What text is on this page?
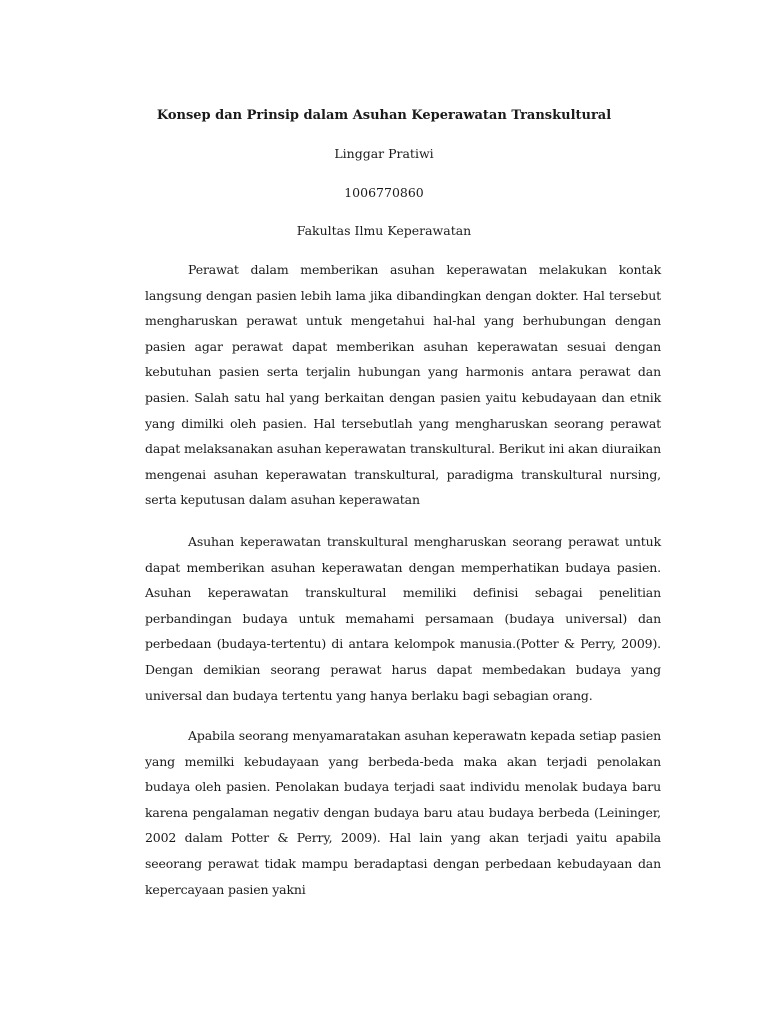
Konsep dan Prinsip dalam Asuhan Keperawatan Transkultural

Linggar Pratiwi

1006770860

Fakultas Ilmu Keperawatan

Perawat dalam memberikan asuhan keperawatan melakukan kontak langsung dengan pasien lebih lama jika dibandingkan dengan dokter. Hal tersebut mengharuskan perawat untuk mengetahui hal-hal yang berhubungan dengan pasien agar perawat dapat memberikan asuhan keperawatan sesuai dengan kebutuhan pasien serta terjalin hubungan yang harmonis antara perawat dan pasien. Salah satu hal yang berkaitan dengan pasien yaitu kebudayaan dan etnik yang dimilki oleh pasien. Hal tersebutlah yang mengharuskan seorang perawat dapat melaksanakan asuhan keperawatan transkultural. Berikut ini akan diuraikan mengenai asuhan keperawatan transkultural, paradigma transkultural nursing, serta keputusan dalam asuhan keperawatan

Asuhan keperawatan transkultural mengharuskan seorang perawat untuk dapat memberikan asuhan keperawatan dengan memperhatikan budaya pasien. Asuhan keperawatan transkultural memiliki definisi sebagai penelitian perbandingan budaya untuk memahami persamaan (budaya universal) dan perbedaan (budaya-tertentu) di antara kelompok manusia.(Potter & Perry, 2009). Dengan demikian seorang perawat harus dapat membedakan budaya yang universal dan budaya tertentu yang hanya berlaku bagi sebagian orang.

Apabila seorang menyamaratakan asuhan keperawatn kepada setiap pasien yang memilki kebudayaan yang berbeda-beda maka akan terjadi penolakan budaya oleh pasien. Penolakan budaya terjadi saat individu menolak budaya baru karena pengalaman negativ dengan budaya baru atau budaya berbeda (Leininger, 2002 dalam Potter & Perry, 2009). Hal lain yang akan terjadi yaitu apabila seeorang perawat tidak mampu beradaptasi dengan perbedaan kebudayaan dan kepercayaan pasien yakni
